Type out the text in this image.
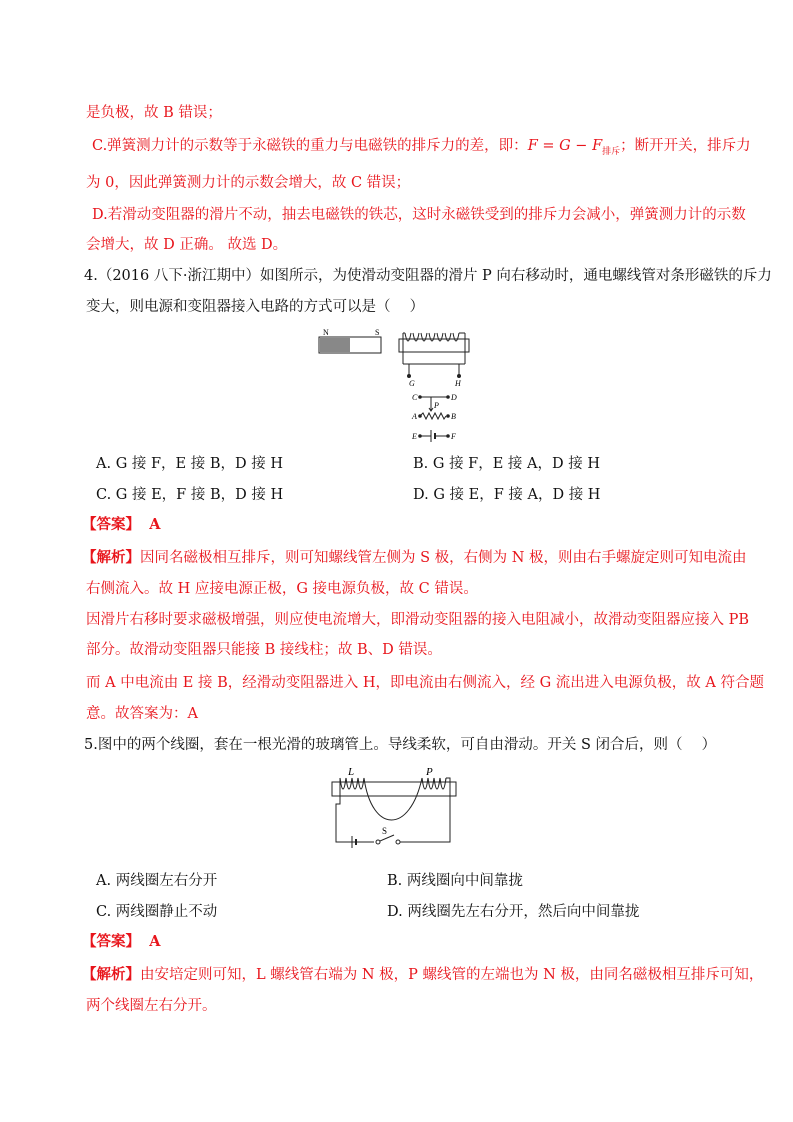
是负极，故 B 错误；
C.弹簧测力计的示数等于永磁铁的重力与电磁铁的排斥力的差，即：$F = G - F_{排斥}$；断开开关，排斥力
为 0，因此弹簧测力计的示数会增大，故 C 错误；
D.若滑动变阻器的滑片不动，抽去电磁铁的铁芯，这时永磁铁受到的排斥力会减小，弹簧测力计的示数
会增大，故 D 正确。 故选 D。
4.（2016 八下·浙江期中）如图所示，为使滑动变阻器的滑片 P 向右移动时，通电螺线管对条形磁铁的斥力
变大，则电源和变阻器接入电路的方式可以是（　 ）
N	S
G	H
C	D
P
A	B
E	F
A. G 接 F，E 接 B，D 接 H	B. G 接 F，E 接 A，D 接 H
C. G 接 E，F 接 B，D 接 H	D. G 接 E，F 接 A，D 接 H
【答案】 A
【解析】因同名磁极相互排斥，则可知螺线管左侧为 S 极，右侧为 N 极，则由右手螺旋定则可知电流由
右侧流入。故 H 应接电源正极，G 接电源负极，故 C 错误。
因滑片右移时要求磁极增强，则应使电流增大，即滑动变阻器的接入电阻减小，故滑动变阻器应接入 PB
部分。故滑动变阻器只能接 B 接线柱；故 B、D 错误。
而 A 中电流由 E 接 B，经滑动变阻器进入 H，即电流由右侧流入，经 G 流出进入电源负极，故 A 符合题
意。故答案为：A
5.图中的两个线圈，套在一根光滑的玻璃管上。导线柔软，可自由滑动。开关 S 闭合后，则（　 ）
L	P
S
A. 两线圈左右分开	B. 两线圈向中间靠拢
C. 两线圈静止不动	D. 两线圈先左右分开，然后向中间靠拢
【答案】 A
【解析】由安培定则可知，L 螺线管右端为 N 极，P 螺线管的左端也为 N 极，由同名磁极相互排斥可知，
两个线圈左右分开。
